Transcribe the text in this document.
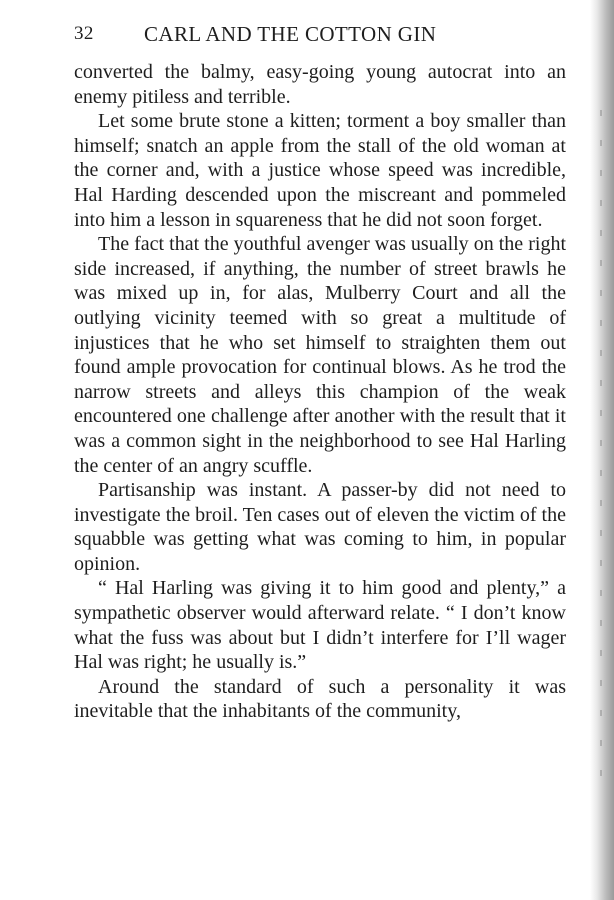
32 CARL AND THE COTTON GIN

converted the balmy, easy-going young autocrat into an enemy pitiless and terrible.

Let some brute stone a kitten; torment a boy smaller than himself; snatch an apple from the stall of the old woman at the corner and, with a justice whose speed was incredible, Hal Harding descended upon the miscreant and pommeled into him a lesson in squareness that he did not soon forget.

The fact that the youthful avenger was usually on the right side increased, if anything, the number of street brawls he was mixed up in, for alas, Mulberry Court and all the outlying vicinity teemed with so great a multitude of injustices that he who set himself to straighten them out found ample provocation for continual blows. As he trod the narrow streets and alleys this champion of the weak encountered one challenge after another with the result that it was a common sight in the neighborhood to see Hal Harling the center of an angry scuffle.

Partisanship was instant. A passer-by did not need to investigate the broil. Ten cases out of eleven the victim of the squabble was getting what was coming to him, in popular opinion.

“ Hal Harling was giving it to him good and plenty,” a sympathetic observer would afterward relate. “ I don’t know what the fuss was about but I didn’t interfere for I’ll wager Hal was right; he usually is.”

Around the standard of such a personality it was inevitable that the inhabitants of the community,
